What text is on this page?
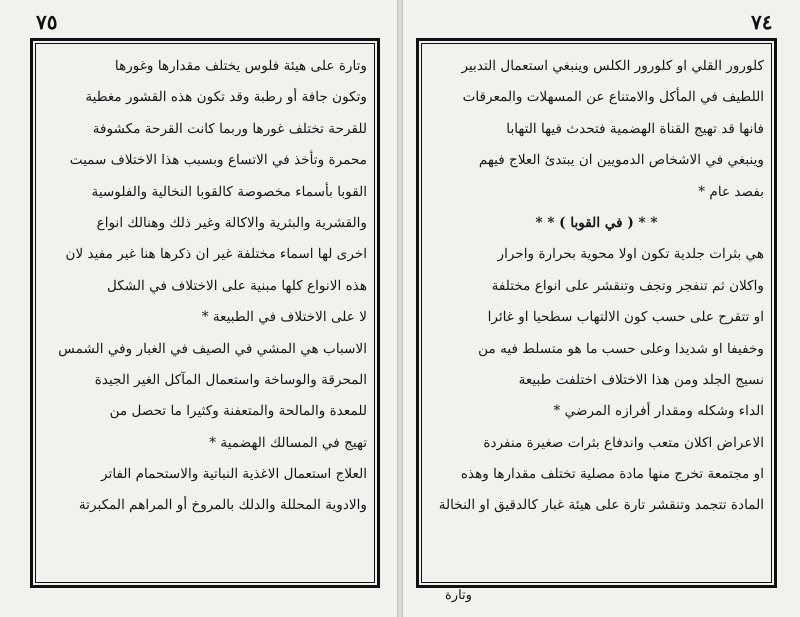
٧٥
وتارة على هيئة فلوس يختلف مقدارها وغورها
وتكون جافة أو رطبة وقد تكون هذه القشور مغطية
للقرحة تختلف غورها وربما كانت القرحة مكشوفة
محمرة وتأخذ في الاتساع وبسبب هذا الاختلاف سميت
القوبا بأسماء مخصوصة كالقوبا النخالية والفلوسية
والقشرية والبثرية والاكالة وغير ذلك وهنالك انواع
اخرى لها اسماء مختلفة غير ان ذكرها هنا غير مفيد لان
هذه الانواع كلها مبنية على الاختلاف في الشكل
لا على الاختلاف في الطبيعة *
الاسباب هي المشي في الصيف في الغبار وفي الشمس
المحرقة والوساخة واستعمال المآكل الغير الجيدة
للمعدة والمالحة والمتعفنة وكثيرا ما تحصل من
تهيج في المسالك الهضمية *
العلاج استعمال الاغذية النباتية والاستحمام الفاتر
والادوية المحللة والدلك بالمروخ أو المراهم المكبرتة
٧٤
كلورور القلي او كلورور الكلس وينبغي استعمال التدبير
اللطيف في المأكل والامتناع عن المسهلات والمعرقات
فانها قد تهيج القناة الهضمية فتحدث فيها التهابا
وينبغي في الاشخاص الدمويين ان يبتدئ العلاج فيهم
بفصد عام *
* * ( في القوبا ) * *
هي بثرات جلدية تكون اولا محوية بحرارة واحرار
واكلان ثم تنفجر وتجف وتنقشر على انواع مختلفة
او تتقرح على حسب كون الالتهاب سطحيا او غائرا
وخفيفا او شديدا وعلى حسب ما هو متسلط فيه من
نسيج الجلد ومن هذا الاختلاف اختلفت طبيعة
الداء وشكله ومقدار أفرازه المرضي *
الاعراض اكلان متعب واندفاع بثرات صغيرة منفردة
او مجتمعة تخرج منها مادة مصلية تختلف مقدارها وهذه
المادة تتجمد وتنقشر تارة على هيئة غبار كالدقيق او النخالة
وتارة
